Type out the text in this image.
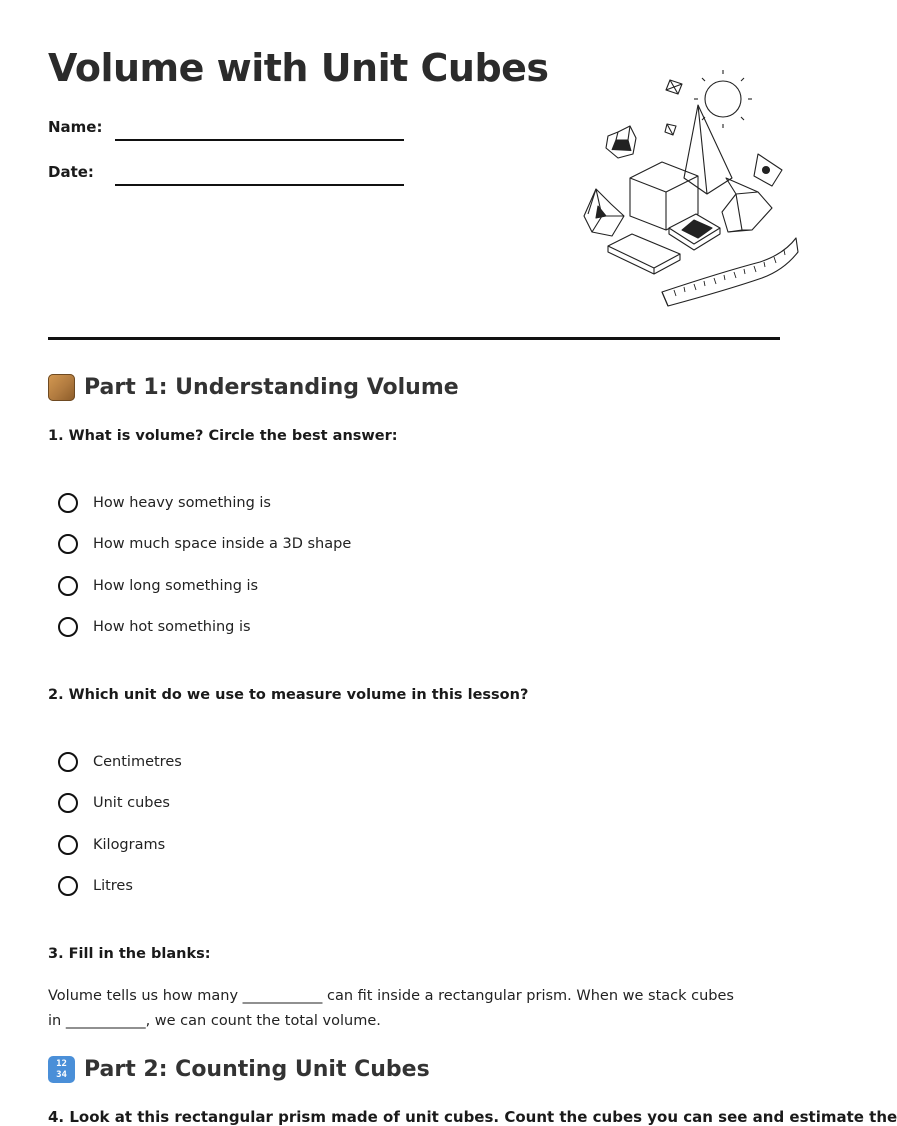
Volume with Unit Cubes
Name:
Date:
Part 1: Understanding Volume

1. What is volume? Circle the best answer:

How heavy something is
How much space inside a 3D shape
How long something is
How hot something is

2. Which unit do we use to measure volume in this lesson?

Centimetres
Unit cubes
Kilograms
Litres

3. Fill in the blanks:

Volume tells us how many ___________ can fit inside a rectangular prism. When we stack cubes in ___________, we can count the total volume.

12
34 Part 2: Counting Unit Cubes

4. Look at this rectangular prism made of unit cubes. Count the cubes you can see and estimate the
